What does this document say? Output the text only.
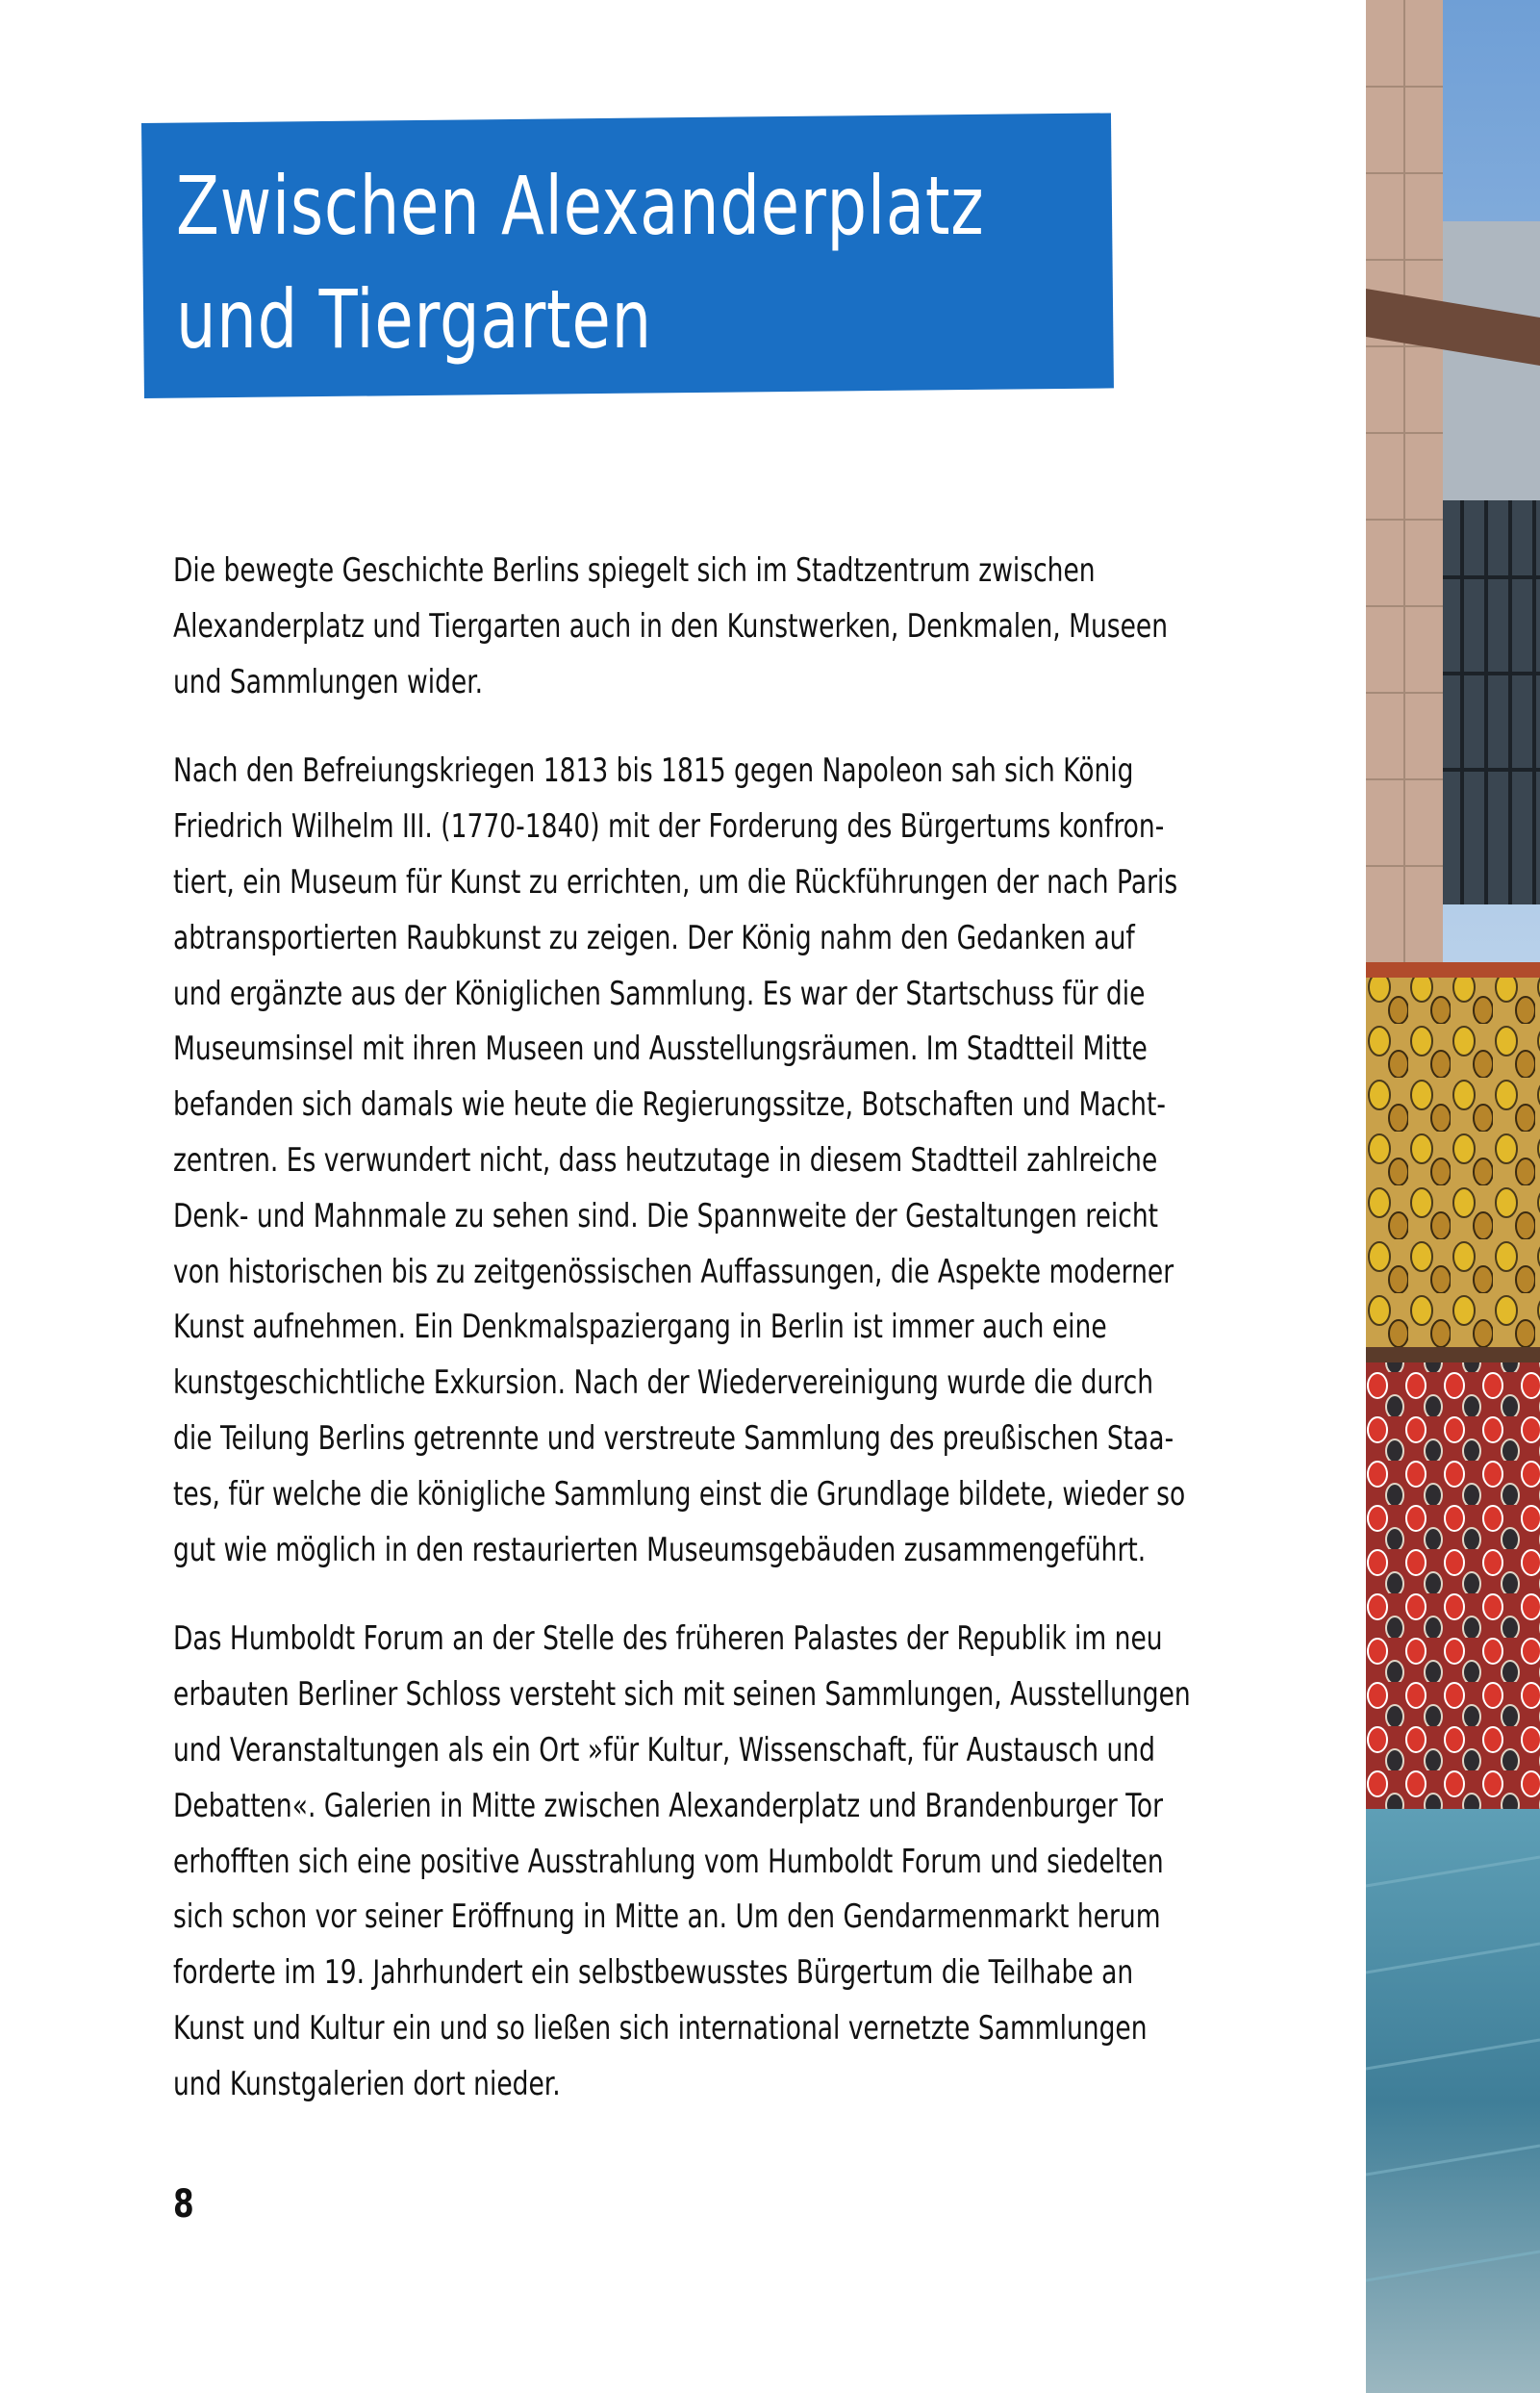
Zwischen Alexanderplatz
und Tiergarten

Die bewegte Geschichte Berlins spiegelt sich im Stadtzentrum zwischen
Alexanderplatz und Tiergarten auch in den Kunstwerken, Denkmalen, Museen
und Sammlungen wider.

Nach den Befreiungskriegen 1813 bis 1815 gegen Napoleon sah sich König
Friedrich Wilhelm III. (1770-1840) mit der Forderung des Bürgertums konfron-
tiert, ein Museum für Kunst zu errichten, um die Rückführungen der nach Paris
abtransportierten Raubkunst zu zeigen. Der König nahm den Gedanken auf
und ergänzte aus der Königlichen Sammlung. Es war der Startschuss für die
Museumsinsel mit ihren Museen und Ausstellungsräumen. Im Stadtteil Mitte
befanden sich damals wie heute die Regierungssitze, Botschaften und Macht-
zentren. Es verwundert nicht, dass heutzutage in diesem Stadtteil zahlreiche
Denk- und Mahnmale zu sehen sind. Die Spannweite der Gestaltungen reicht
von historischen bis zu zeitgenössischen Auffassungen, die Aspekte moderner
Kunst aufnehmen. Ein Denkmalspaziergang in Berlin ist immer auch eine
kunstgeschichtliche Exkursion. Nach der Wiedervereinigung wurde die durch
die Teilung Berlins getrennte und verstreute Sammlung des preußischen Staa-
tes, für welche die königliche Sammlung einst die Grundlage bildete, wieder so
gut wie möglich in den restaurierten Museumsgebäuden zusammengeführt.

Das Humboldt Forum an der Stelle des früheren Palastes der Republik im neu
erbauten Berliner Schloss versteht sich mit seinen Sammlungen, Ausstellungen
und Veranstaltungen als ein Ort »für Kultur, Wissenschaft, für Austausch und
Debatten«. Galerien in Mitte zwischen Alexanderplatz und Brandenburger Tor
erhofften sich eine positive Ausstrahlung vom Humboldt Forum und siedelten
sich schon vor seiner Eröffnung in Mitte an. Um den Gendarmenmarkt herum
forderte im 19. Jahrhundert ein selbstbewusstes Bürgertum die Teilhabe an
Kunst und Kultur ein und so ließen sich international vernetzte Sammlungen
und Kunstgalerien dort nieder.

8
